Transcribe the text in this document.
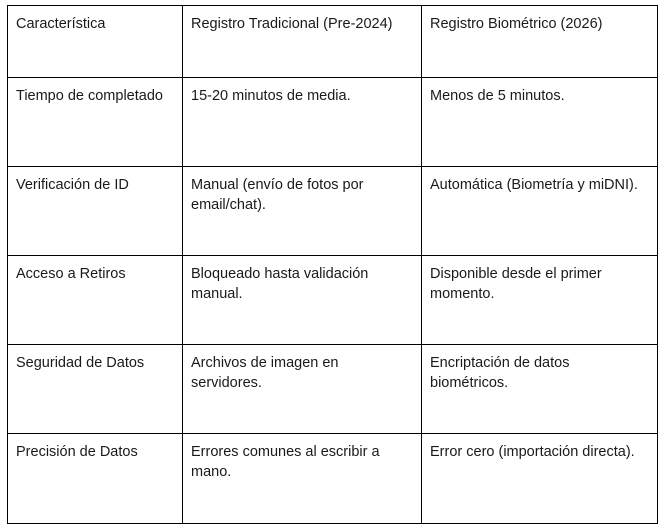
Característica	Registro Tradicional (Pre-2024)	Registro Biométrico (2026)
Tiempo de completado	15-20 minutos de media.	Menos de 5 minutos.
Verificación de ID	Manual (envío de fotos por email/chat).	Automática (Biometría y miDNI).
Acceso a Retiros	Bloqueado hasta validación manual.	Disponible desde el primer momento.
Seguridad de Datos	Archivos de imagen en servidores.	Encriptación de datos biométricos.
Precisión de Datos	Errores comunes al escribir a mano.	Error cero (importación directa).
